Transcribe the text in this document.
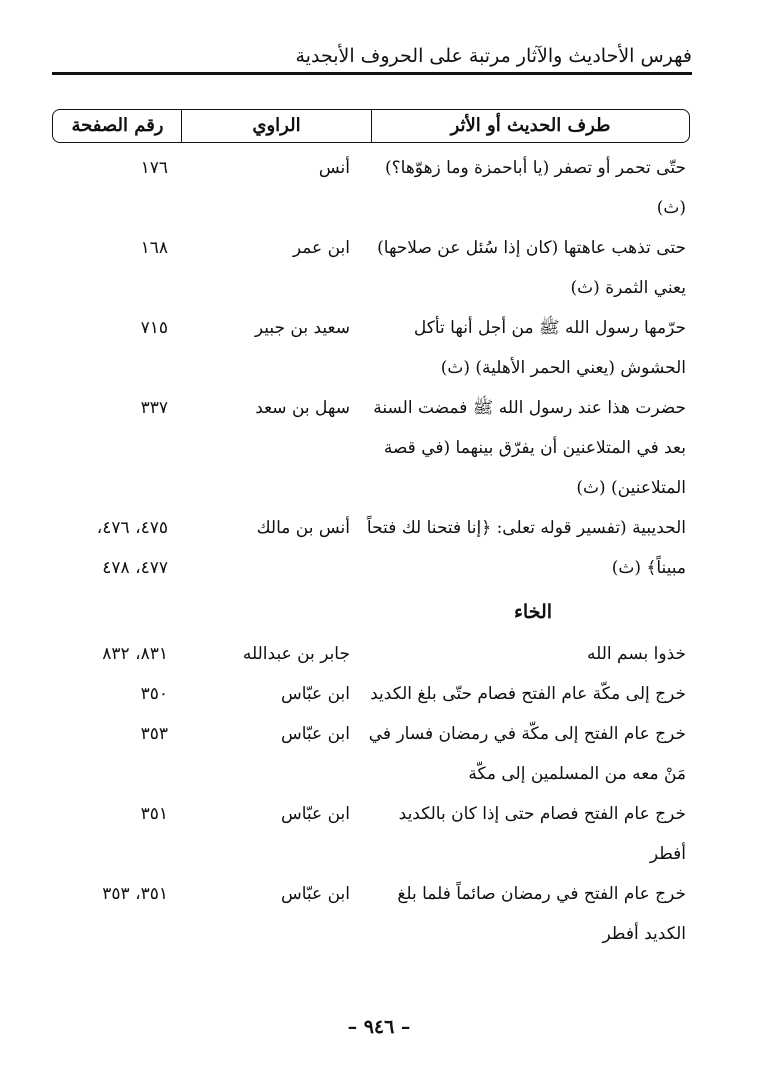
فهرس الأحاديث والآثار مرتبة على الحروف الأبجدية
طرف الحديث أو الأثر
الراوي
رقم الصفحة
حتّى تحمر أو تصفر (يا أباحمزة وما زهوّها؟) (ث)
أنس
١٧٦
حتى تذهب عاهتها (كان إذا سُئل عن صلاحها) يعني الثمرة (ث)
ابن عمر
١٦٨
حرّمها رسول الله ﷺ من أجل أنها تأكل الحشوش (يعني الحمر الأهلية) (ث)
سعيد بن جبير
٧١٥
حضرت هذا عند رسول الله ﷺ فمضت السنة بعد في المتلاعنين أن يفرّق بينهما (في قصة المتلاعنين) (ث)
سهل بن سعد
٣٣٧
الحديبية (تفسير قوله تعلى: ﴿إنا فتحنا لك فتحاً مبيناً﴾ (ث)
أنس بن مالك
٤٧٥، ٤٧٦،
٤٧٧، ٤٧٨
الخاء
خذوا بسم الله
جابر بن عبدالله
٨٣١، ٨٣٢
خرج إلى مكّة عام الفتح فصام حتّى بلغ الكديد
ابن عبّاس
٣٥٠
خرج عام الفتح إلى مكّة في رمضان فسار في مَنْ معه من المسلمين إلى مكّة
ابن عبّاس
٣٥٣
خرج عام الفتح فصام حتى إذا كان بالكديد أفطر
ابن عبّاس
٣٥١
خرج عام الفتح في رمضان صائماً فلما بلغ الكديد أفطر
ابن عبّاس
٣٥١، ٣٥٣
– ٩٤٦ –
